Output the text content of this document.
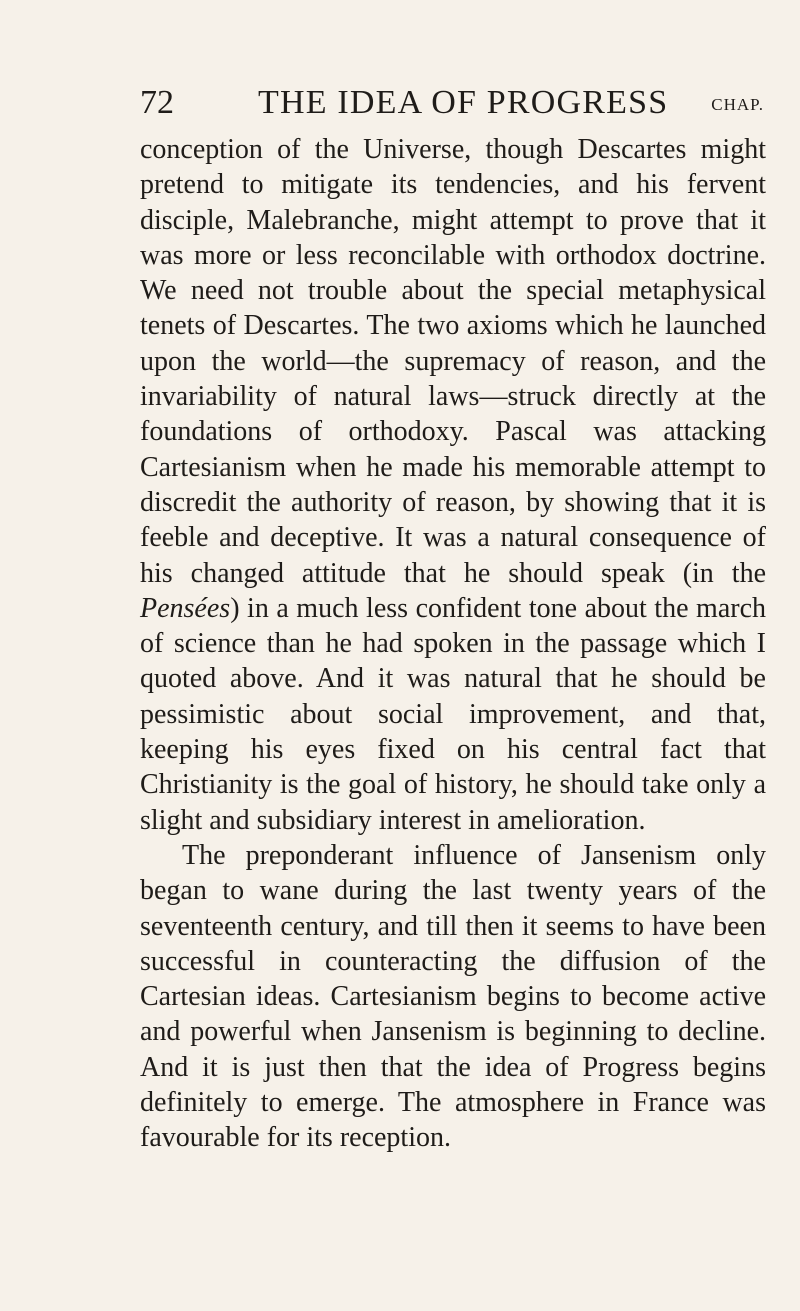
72 THE IDEA OF PROGRESS	CHAP.

conception of the Universe, though Descartes might pretend to mitigate its tendencies, and his fervent disciple, Malebranche, might attempt to prove that it was more or less reconcilable with orthodox doctrine. We need not trouble about the special metaphysical tenets of Descartes. The two axioms which he launched upon the world—the supremacy of reason, and the invariability of natural laws—struck directly at the foundations of orthodoxy. Pascal was attacking Cartesianism when he made his memorable attempt to discredit the authority of reason, by showing that it is feeble and deceptive. It was a natural consequence of his changed attitude that he should speak (in the Pensées) in a much less confident tone about the march of science than he had spoken in the passage which I quoted above. And it was natural that he should be pessimistic about social improvement, and that, keeping his eyes fixed on his central fact that Christianity is the goal of history, he should take only a slight and subsidiary interest in amelioration.

The preponderant influence of Jansenism only began to wane during the last twenty years of the seventeenth century, and till then it seems to have been successful in counteracting the diffusion of the Cartesian ideas. Cartesianism begins to become active and powerful when Jansenism is beginning to decline. And it is just then that the idea of Progress begins definitely to emerge. The atmosphere in France was favourable for its reception.
